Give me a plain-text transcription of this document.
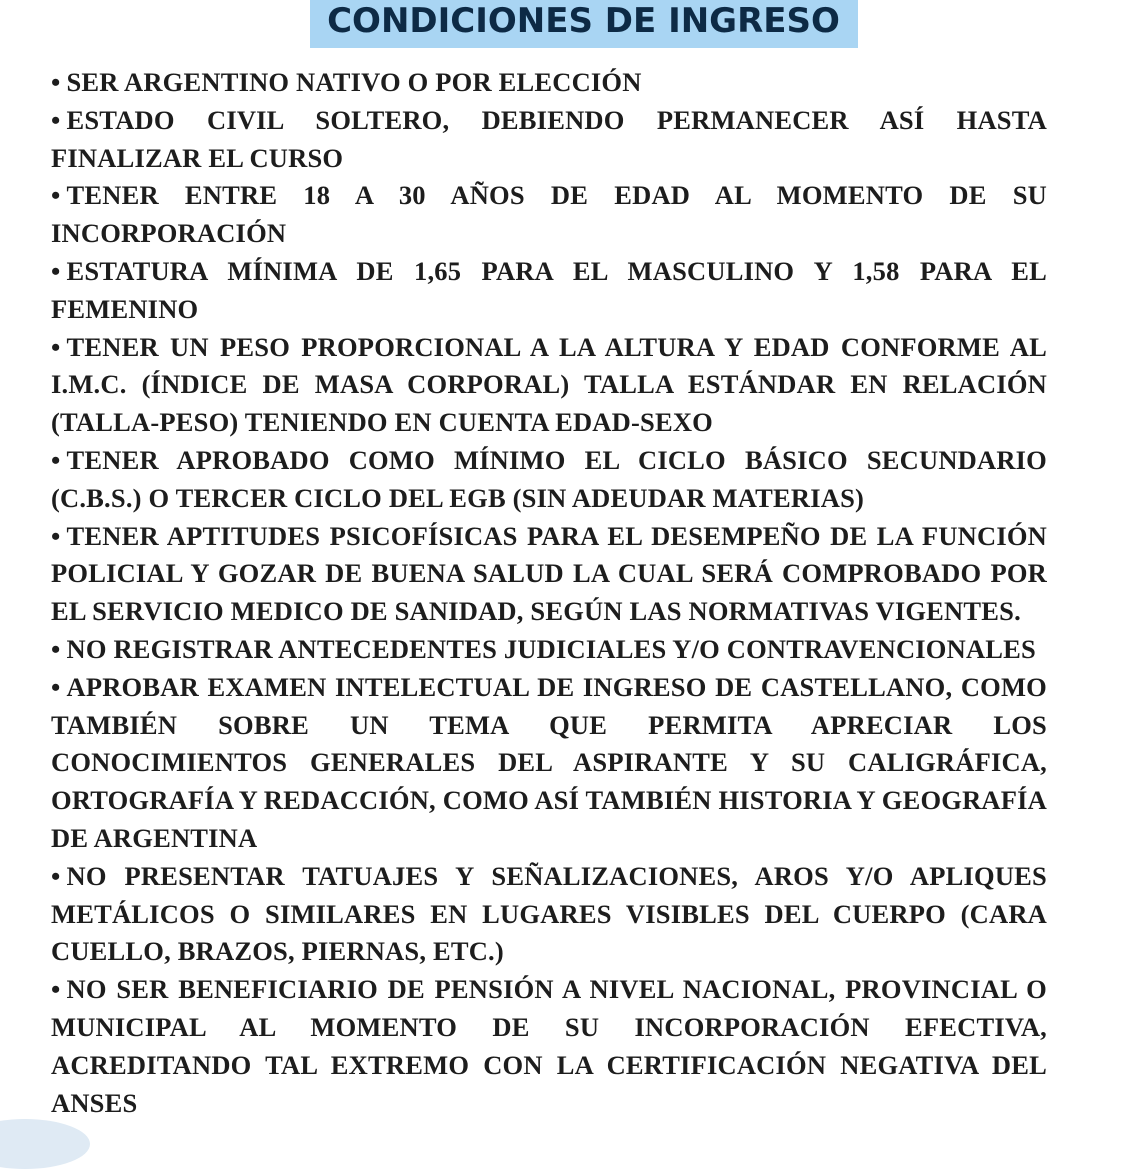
CONDICIONES DE INGRESO

• SER ARGENTINO NATIVO O POR ELECCIÓN

• ESTADO CIVIL SOLTERO, DEBIENDO PERMANECER ASÍ HASTA FINALIZAR EL CURSO

• TENER ENTRE 18 A 30 AÑOS DE EDAD AL MOMENTO DE SU INCORPORACIÓN

• ESTATURA MÍNIMA DE 1,65 PARA EL MASCULINO Y 1,58 PARA EL FEMENINO

• TENER UN PESO PROPORCIONAL A LA ALTURA Y EDAD CONFORME AL I.M.C. (ÍNDICE DE MASA CORPORAL) TALLA ESTÁNDAR EN RELACIÓN (TALLA-PESO) TENIENDO EN CUENTA EDAD-SEXO

• TENER APROBADO COMO MÍNIMO EL CICLO BÁSICO SECUNDARIO (C.B.S.) O TERCER CICLO DEL EGB (SIN ADEUDAR MATERIAS)

• TENER APTITUDES PSICOFÍSICAS PARA EL DESEMPEÑO DE LA FUNCIÓN POLICIAL Y GOZAR DE BUENA SALUD LA CUAL SERÁ COMPROBADO POR EL SERVICIO MEDICO DE SANIDAD, SEGÚN LAS NORMATIVAS VIGENTES.

• NO REGISTRAR ANTECEDENTES JUDICIALES Y/O CONTRAVENCIONALES

• APROBAR EXAMEN INTELECTUAL DE INGRESO DE CASTELLANO, COMO TAMBIÉN SOBRE UN TEMA QUE PERMITA APRECIAR LOS CONOCIMIENTOS GENERALES DEL ASPIRANTE Y SU CALIGRÁFICA, ORTOGRAFÍA Y REDACCIÓN, COMO ASÍ TAMBIÉN HISTORIA Y GEOGRAFÍA DE ARGENTINA

• NO PRESENTAR TATUAJES Y SEÑALIZACIONES, AROS Y/O APLIQUES METÁLICOS O SIMILARES EN LUGARES VISIBLES DEL CUERPO (CARA CUELLO, BRAZOS, PIERNAS, ETC.)

• NO SER BENEFICIARIO DE PENSIÓN A NIVEL NACIONAL, PROVINCIAL O MUNICIPAL AL MOMENTO DE SU INCORPORACIÓN EFECTIVA, ACREDITANDO TAL EXTREMO CON LA CERTIFICACIÓN NEGATIVA DEL ANSES
